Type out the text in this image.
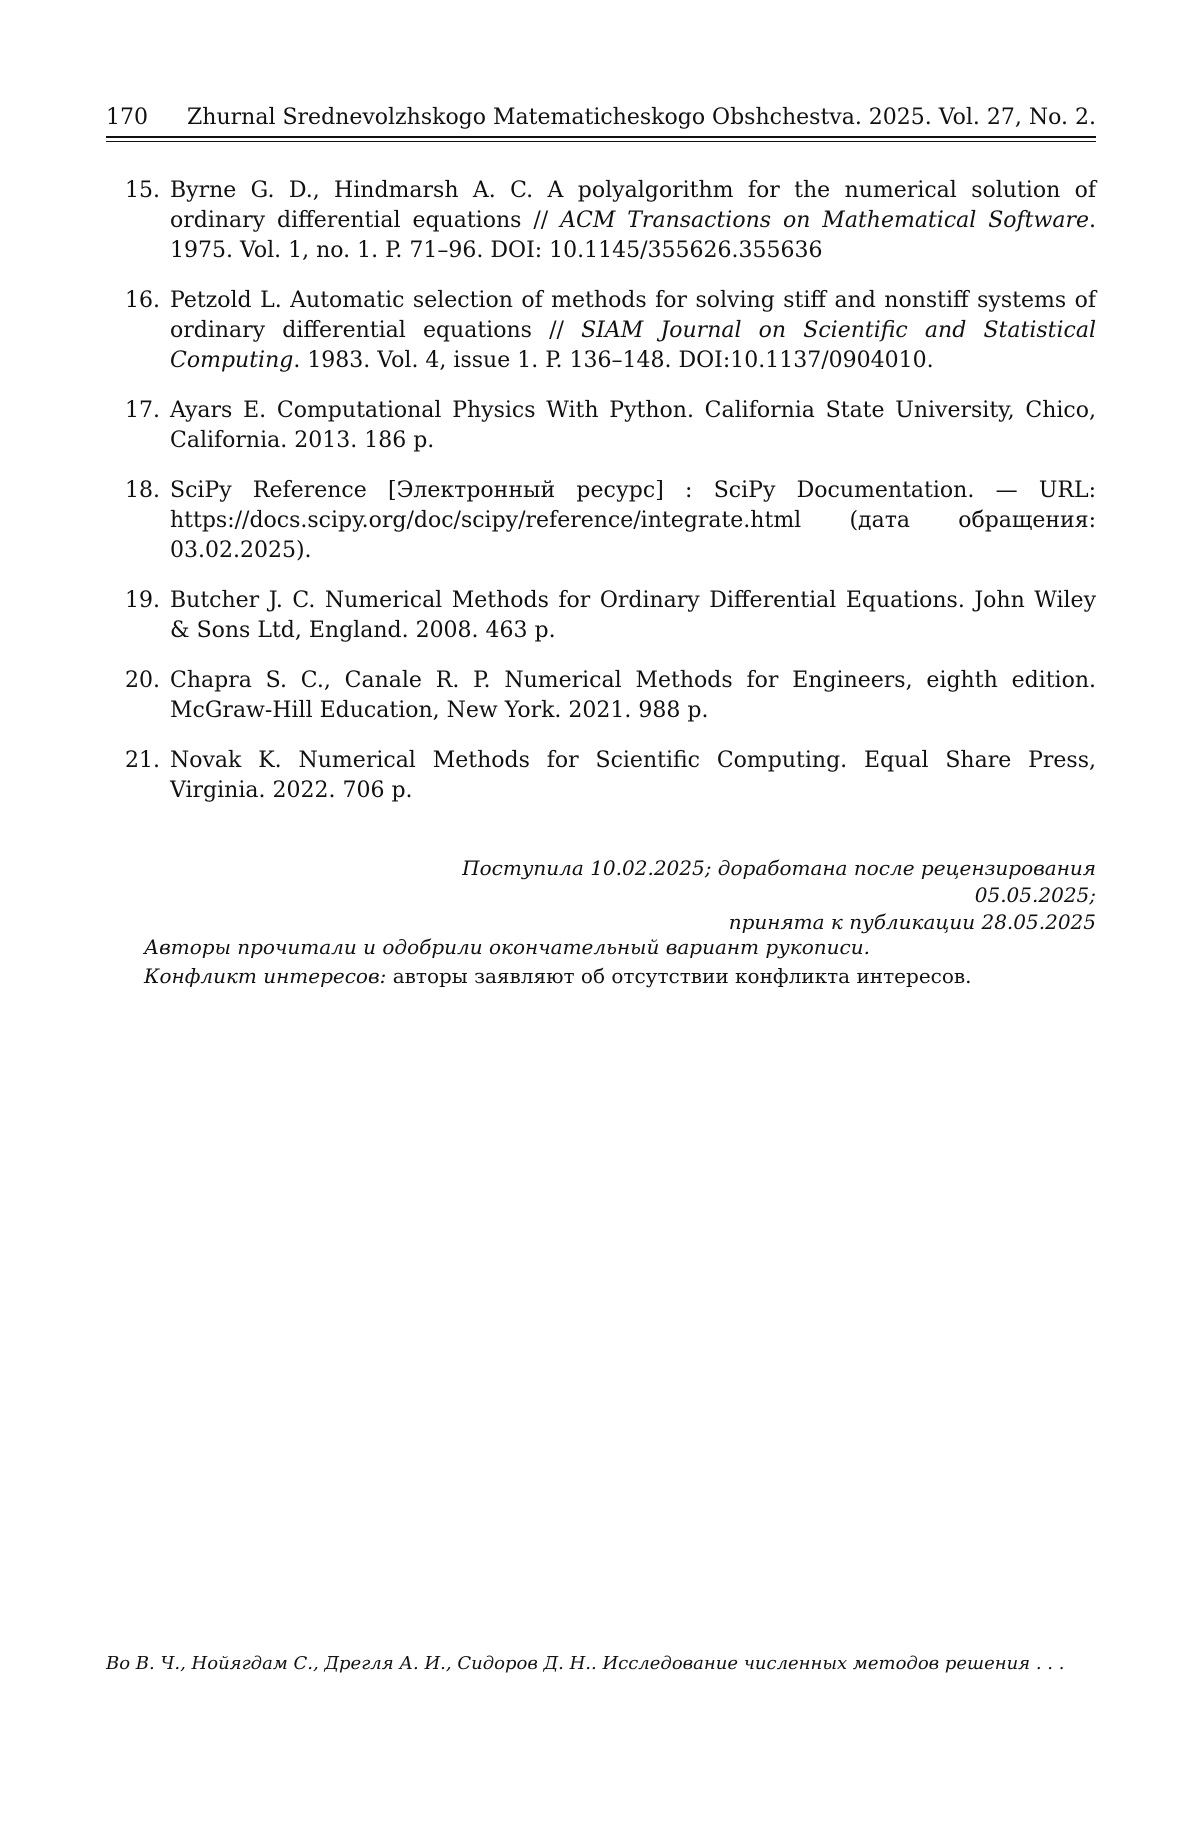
170 Zhurnal Srednevolzhskogo Matematicheskogo Obshchestva. 2025. Vol. 27, No. 2.
15. Byrne G. D., Hindmarsh A. C. A polyalgorithm for the numerical solution of ordinary differential equations // ACM Transactions on Mathematical Software. 1975. Vol. 1, no. 1. P. 71–96. DOI: 10.1145/355626.355636
16. Petzold L. Automatic selection of methods for solving stiff and nonstiff systems of ordinary differential equations // SIAM Journal on Scientific and Statistical Computing. 1983. Vol. 4, issue 1. P. 136–148. DOI:10.1137/0904010.
17. Ayars E. Computational Physics With Python. California State University, Chico, California. 2013. 186 p.
18. SciPy Reference [Электронный ресурс] : SciPy Documentation. — URL: https://docs.scipy.org/doc/scipy/reference/integrate.html (дата обращения: 03.02.2025).
19. Butcher J. C. Numerical Methods for Ordinary Differential Equations. John Wiley & Sons Ltd, England. 2008. 463 p.
20. Chapra S. C., Canale R. P. Numerical Methods for Engineers, eighth edition. McGraw-Hill Education, New York. 2021. 988 p.
21. Novak K. Numerical Methods for Scientific Computing. Equal Share Press, Virginia. 2022. 706 p.
Поступила 10.02.2025; доработана после рецензирования 05.05.2025;
принята к публикации 28.05.2025
Авторы прочитали и одобрили окончательный вариант рукописи.
Конфликт интересов: авторы заявляют об отсутствии конфликта интересов.
Во В. Ч., Нойягдам С., Дрегля А. И., Сидоров Д. Н.. Исследование численных методов решения . . .
